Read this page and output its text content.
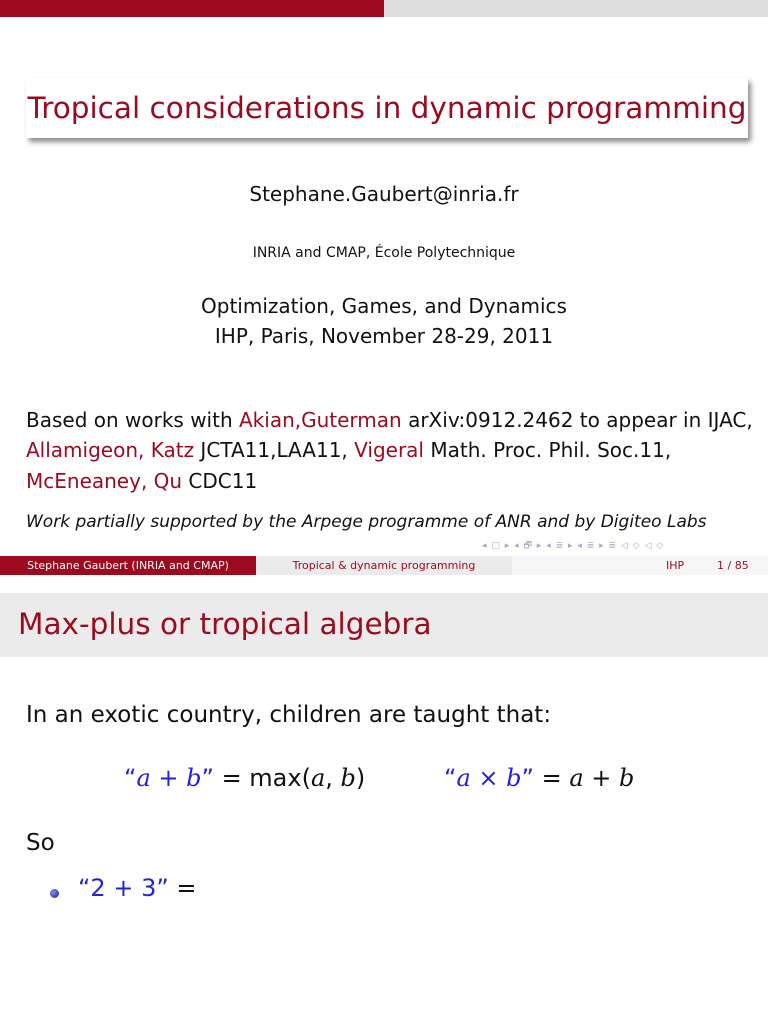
Tropical considerations in dynamic programming
Stephane.Gaubert@inria.fr
INRIA and CMAP, École Polytechnique
Optimization, Games, and Dynamics
IHP, Paris, November 28-29, 2011
Based on works with Akian,Guterman arXiv:0912.2462 to appear in IJAC,
Allamigeon, Katz JCTA11,LAA11, Vigeral Math. Proc. Phil. Soc.11,
McEneaney, Qu CDC11
Work partially supported by the Arpege programme of ANR and by Digiteo Labs
◂ □ ▸ ◂ 🗗 ▸ ◂ ≣ ▸ ◂ ≣ ▸ ≣ ◁ ◇ ◁ ◇
Stephane Gaubert (INRIA and CMAP)	Tropical & dynamic programming	IHP	1 / 85
Max-plus or tropical algebra
In an exotic country, children are taught that:
“a + b” = max(a, b)	“a × b” = a + b
So
“2 + 3” =
